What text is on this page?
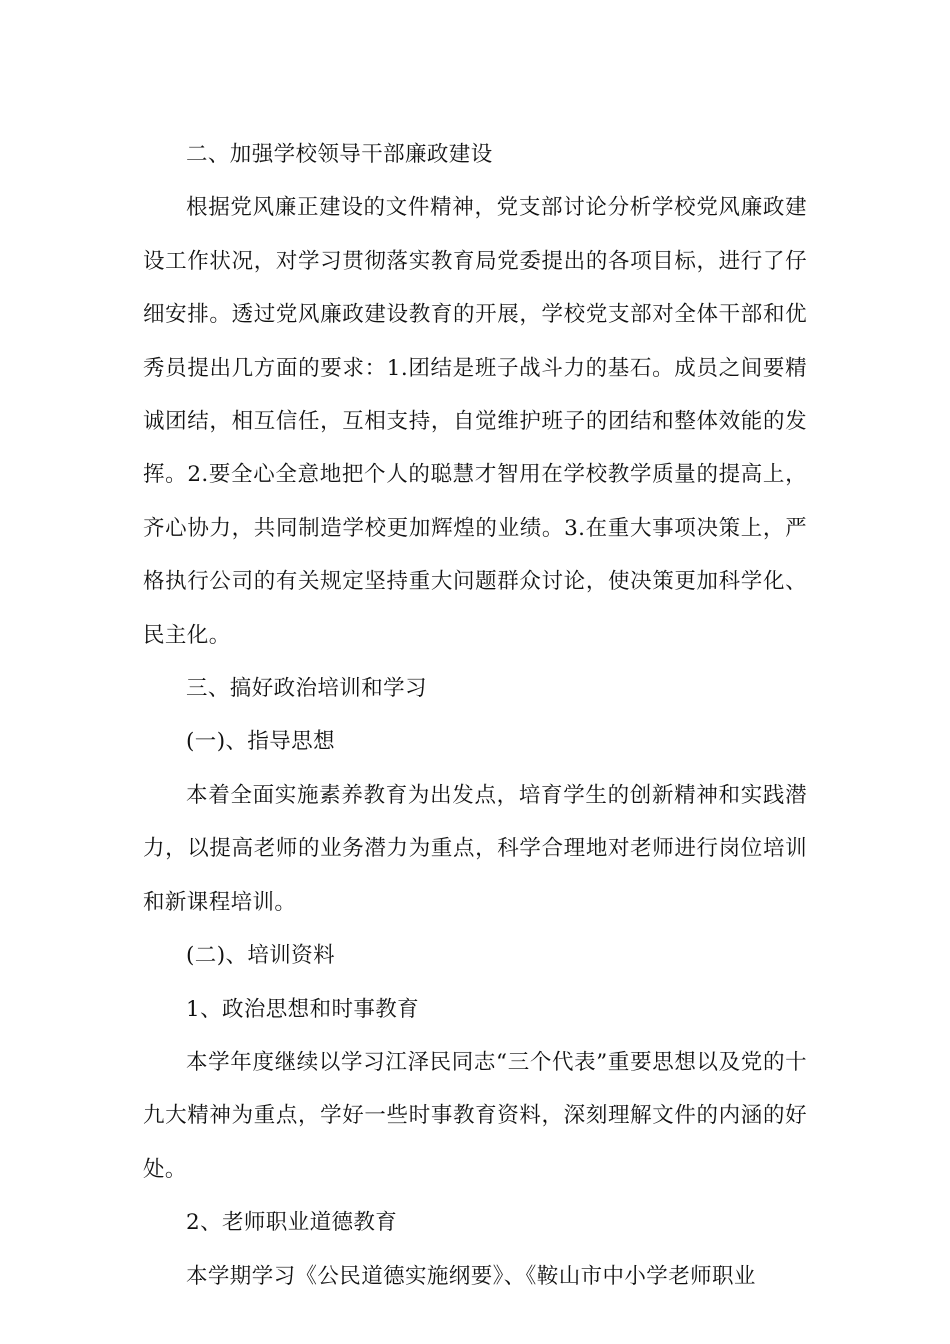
二、加强学校领导干部廉政建设

根据党风廉正建设的文件精神，党支部讨论分析学校党风廉政建设工作状况，对学习贯彻落实教育局党委提出的各项目标，进行了仔细安排。透过党风廉政建设教育的开展，学校党支部对全体干部和优秀员提出几方面的要求：1.团结是班子战斗力的基石。成员之间要精诚团结，相互信任，互相支持，自觉维护班子的团结和整体效能的发挥。2.要全心全意地把个人的聪慧才智用在学校教学质量的提高上，齐心协力，共同制造学校更加辉煌的业绩。3.在重大事项决策上，严格执行公司的有关规定坚持重大问题群众讨论，使决策更加科学化、民主化。

三、搞好政治培训和学习

(一)、指导思想

本着全面实施素养教育为出发点，培育学生的创新精神和实践潜力，以提高老师的业务潜力为重点，科学合理地对老师进行岗位培训和新课程培训。

(二)、培训资料

1、政治思想和时事教育

本学年度继续以学习江泽民同志“三个代表”重要思想以及党的十九大精神为重点，学好一些时事教育资料，深刻理解文件的内涵的好处。

2、老师职业道德教育

本学期学习《公民道德实施纲要》、《鞍山市中小学老师职业
